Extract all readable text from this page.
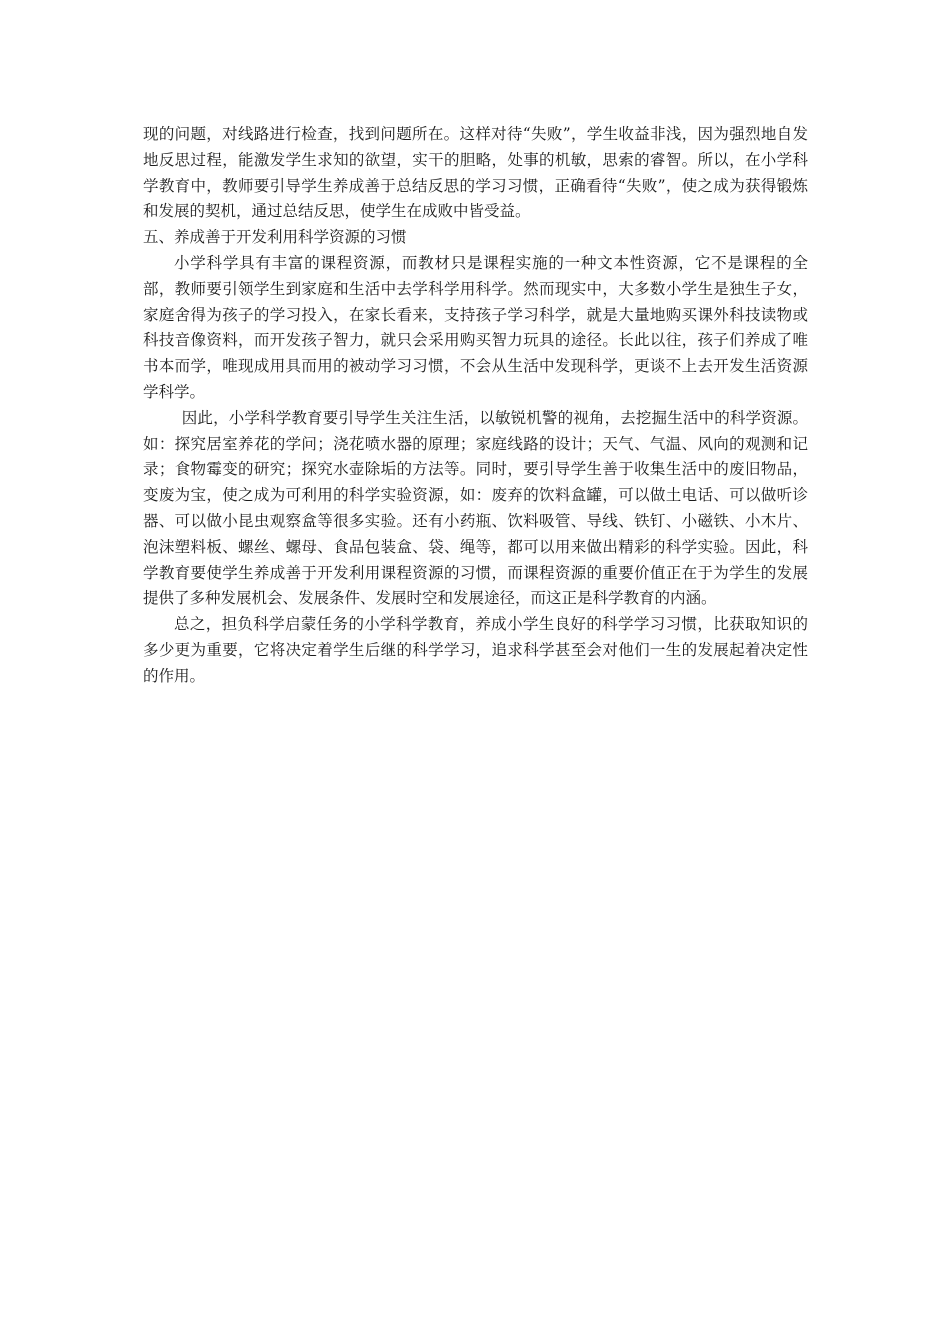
现的问题，对线路进行检查，找到问题所在。这样对待“失败”，学生收益非浅，因为强烈地自发地反思过程，能激发学生求知的欲望，实干的胆略，处事的机敏，思索的睿智。所以，在小学科学教育中，教师要引导学生养成善于总结反思的学习习惯，正确看待“失败”，使之成为获得锻炼和发展的契机，通过总结反思，使学生在成败中皆受益。

五、养成善于开发利用科学资源的习惯

小学科学具有丰富的课程资源，而教材只是课程实施的一种文本性资源，它不是课程的全部，教师要引领学生到家庭和生活中去学科学用科学。然而现实中，大多数小学生是独生子女，家庭舍得为孩子的学习投入，在家长看来，支持孩子学习科学，就是大量地购买课外科技读物或科技音像资料，而开发孩子智力，就只会采用购买智力玩具的途径。长此以往，孩子们养成了唯书本而学，唯现成用具而用的被动学习习惯，不会从生活中发现科学，更谈不上去开发生活资源学科学。

因此，小学科学教育要引导学生关注生活，以敏锐机警的视角，去挖掘生活中的科学资源。如：探究居室养花的学问；浇花喷水器的原理；家庭线路的设计；天气、气温、风向的观测和记录；食物霉变的研究；探究水壶除垢的方法等。同时，要引导学生善于收集生活中的废旧物品，变废为宝，使之成为可利用的科学实验资源，如：废弃的饮料盒罐，可以做土电话、可以做听诊器、可以做小昆虫观察盒等很多实验。还有小药瓶、饮料吸管、导线、铁钉、小磁铁、小木片、泡沫塑料板、螺丝、螺母、食品包装盒、袋、绳等，都可以用来做出精彩的科学实验。因此，科学教育要使学生养成善于开发利用课程资源的习惯，而课程资源的重要价值正在于为学生的发展提供了多种发展机会、发展条件、发展时空和发展途径，而这正是科学教育的内涵。

总之，担负科学启蒙任务的小学科学教育，养成小学生良好的科学学习习惯，比获取知识的多少更为重要，它将决定着学生后继的科学学习，追求科学甚至会对他们一生的发展起着决定性的作用。
